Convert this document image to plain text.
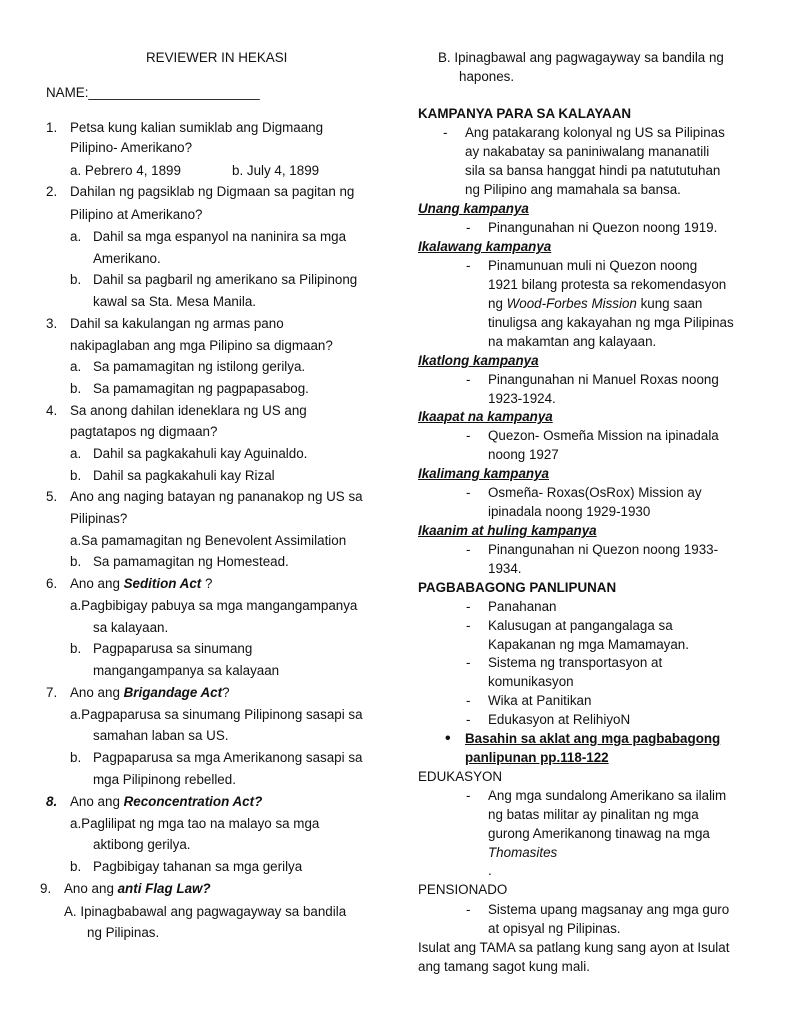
REVIEWER IN HEKASI
NAME:_______________________
1. Petsa kung kalian sumiklab ang Digmaang
Pilipino- Amerikano?
a. Pebrero 4, 1899	b. July 4, 1899
2. Dahilan ng pagsiklab ng Digmaan sa pagitan ng
Pilipino at Amerikano?
a. Dahil sa mga espanyol na naninira sa mga
Amerikano.
b. Dahil sa pagbaril ng amerikano sa Pilipinong
kawal sa Sta. Mesa Manila.
3. Dahil sa kakulangan ng armas pano
nakipaglaban ang mga Pilipino sa digmaan?
a. Sa pamamagitan ng istilong gerilya.
b. Sa pamamagitan ng pagpapasabog.
4. Sa anong dahilan ideneklara ng US ang
pagtatapos ng digmaan?
a. Dahil sa pagkakahuli kay Aguinaldo.
b. Dahil sa pagkakahuli kay Rizal
5. Ano ang naging batayan ng pananakop ng US sa
Pilipinas?
a.Sa pamamagitan ng Benevolent Assimilation
b. Sa pamamagitan ng Homestead.
6. Ano ang Sedition Act ?
a.Pagbibigay pabuya sa mga mangangampanya
sa kalayaan.
b. Pagpaparusa sa sinumang
mangangampanya sa kalayaan
7. Ano ang Brigandage Act?
a.Pagpaparusa sa sinumang Pilipinong sasapi sa
samahan laban sa US.
b. Pagpaparusa sa mga Amerikanong sasapi sa
mga Pilipinong rebelled.
8. Ano ang Reconcentration Act?
a.Paglilipat ng mga tao na malayo sa mga
aktibong gerilya.
b. Pagbibigay tahanan sa mga gerilya
9. Ano ang anti Flag Law?
A. Ipinagbabawal ang pagwagayway sa bandila
ng Pilipinas.
B. Ipinagbawal ang pagwagayway sa bandila ng
hapones.
KAMPANYA PARA SA KALAYAAN
- Ang patakarang kolonyal ng US sa Pilipinas
ay nakabatay sa paniniwalang mananatili
sila sa bansa hanggat hindi pa natututuhan
ng Pilipino ang mamahala sa bansa.
Unang kampanya
- Pinangunahan ni Quezon noong 1919.
Ikalawang kampanya
- Pinamunuan muli ni Quezon noong
1921 bilang protesta sa rekomendasyon
ng Wood-Forbes Mission kung saan
tinuligsa ang kakayahan ng mga Pilipinas
na makamtan ang kalayaan.
Ikatlong kampanya
- Pinangunahan ni Manuel Roxas noong
1923-1924.
Ikaapat na kampanya
- Quezon- Osmeña Mission na ipinadala
noong 1927
Ikalimang kampanya
- Osmeña- Roxas(OsRox) Mission ay
ipinadala noong 1929-1930
Ikaanim at huling kampanya
- Pinangunahan ni Quezon noong 1933-
1934.
PAGBABAGONG PANLIPUNAN
- Panahanan
- Kalusugan at pangangalaga sa
Kapakanan ng mga Mamamayan.
- Sistema ng transportasyon at
komunikasyon
- Wika at Panitikan
- Edukasyon at RelihiyoN
• Basahin sa aklat ang mga pagbabagong
panlipunan pp.118-122
EDUKASYON
- Ang mga sundalong Amerikano sa ilalim
ng batas militar ay pinalitan ng mga
gurong Amerikanong tinawag na mga
Thomasites
.
PENSIONADO
- Sistema upang magsanay ang mga guro
at opisyal ng Pilipinas.
Isulat ang TAMA sa patlang kung sang ayon at Isulat
ang tamang sagot kung mali.
